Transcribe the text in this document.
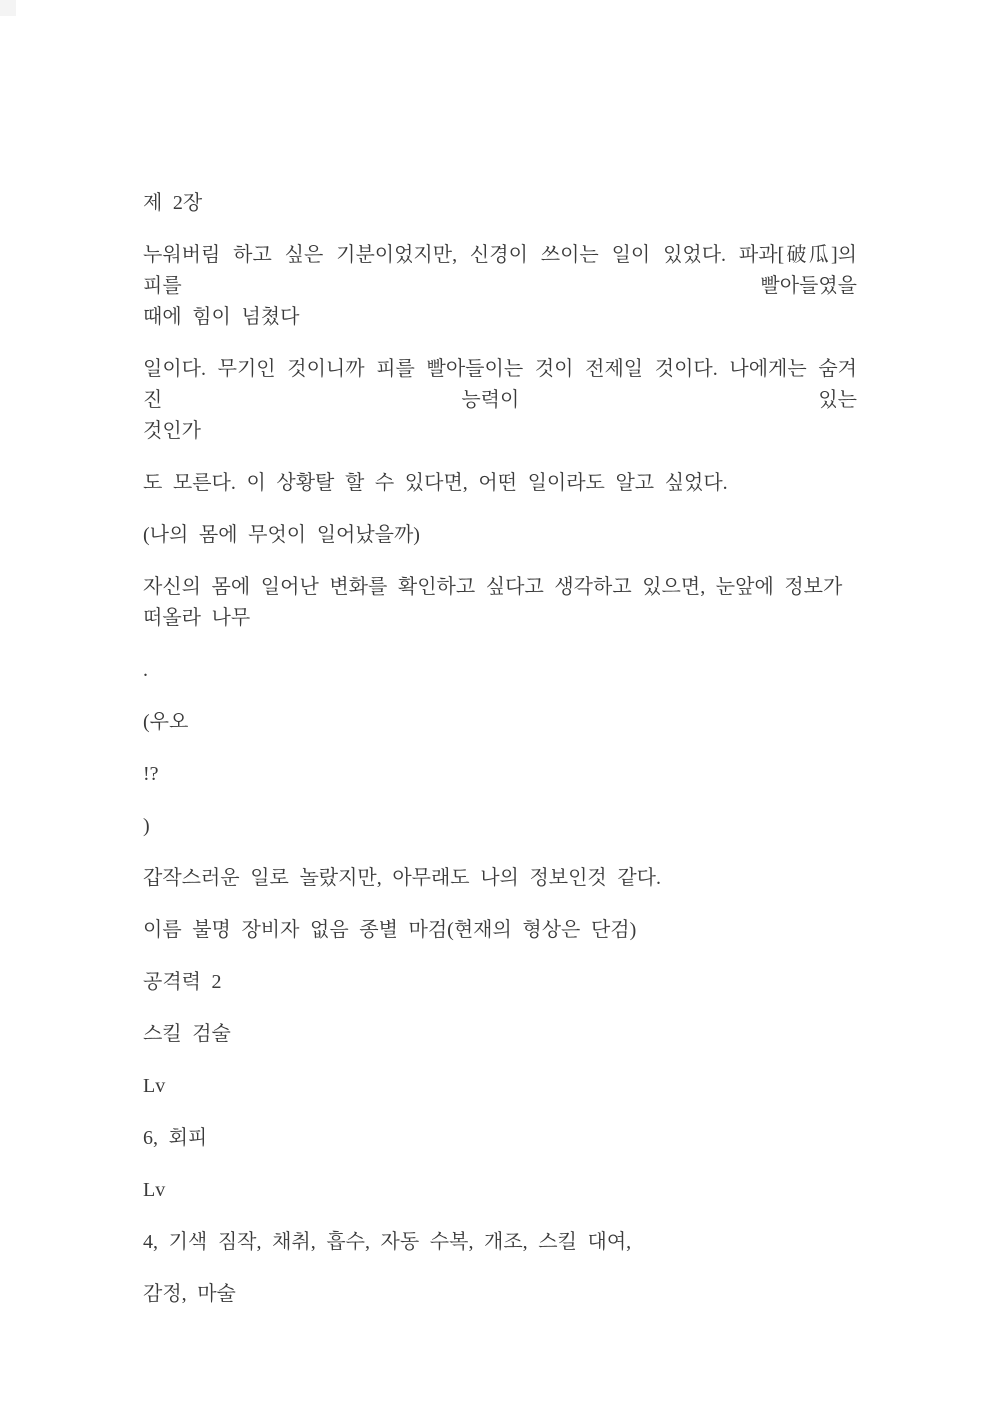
제 2장
누워버림 하고 싶은 기분이었지만, 신경이 쓰이는 일이 있었다. 파과[破瓜]의 피를 빨아들였을
때에 힘이 넘쳤다
일이다. 무기인 것이니까 피를 빨아들이는 것이 전제일 것이다. 나에게는 숨겨진 능력이 있는
것인가
도 모른다. 이 상황탈 할 수 있다면, 어떤 일이라도 알고 싶었다.
(나의 몸에 무엇이 일어났을까)
자신의 몸에 일어난 변화를 확인하고 싶다고 생각하고 있으면, 눈앞에 정보가 떠올라 나무
.
(우오
!?
)
갑작스러운 일로 놀랐지만, 아무래도 나의 정보인것 같다.
이름 불명 장비자 없음 종별 마검(현재의 형상은 단검)
공격력 2
스킬 검술
Lv
6, 회피
Lv
4, 기색 짐작, 채취, 흡수, 자동 수복, 개조, 스킬 대여,
감정, 마술
